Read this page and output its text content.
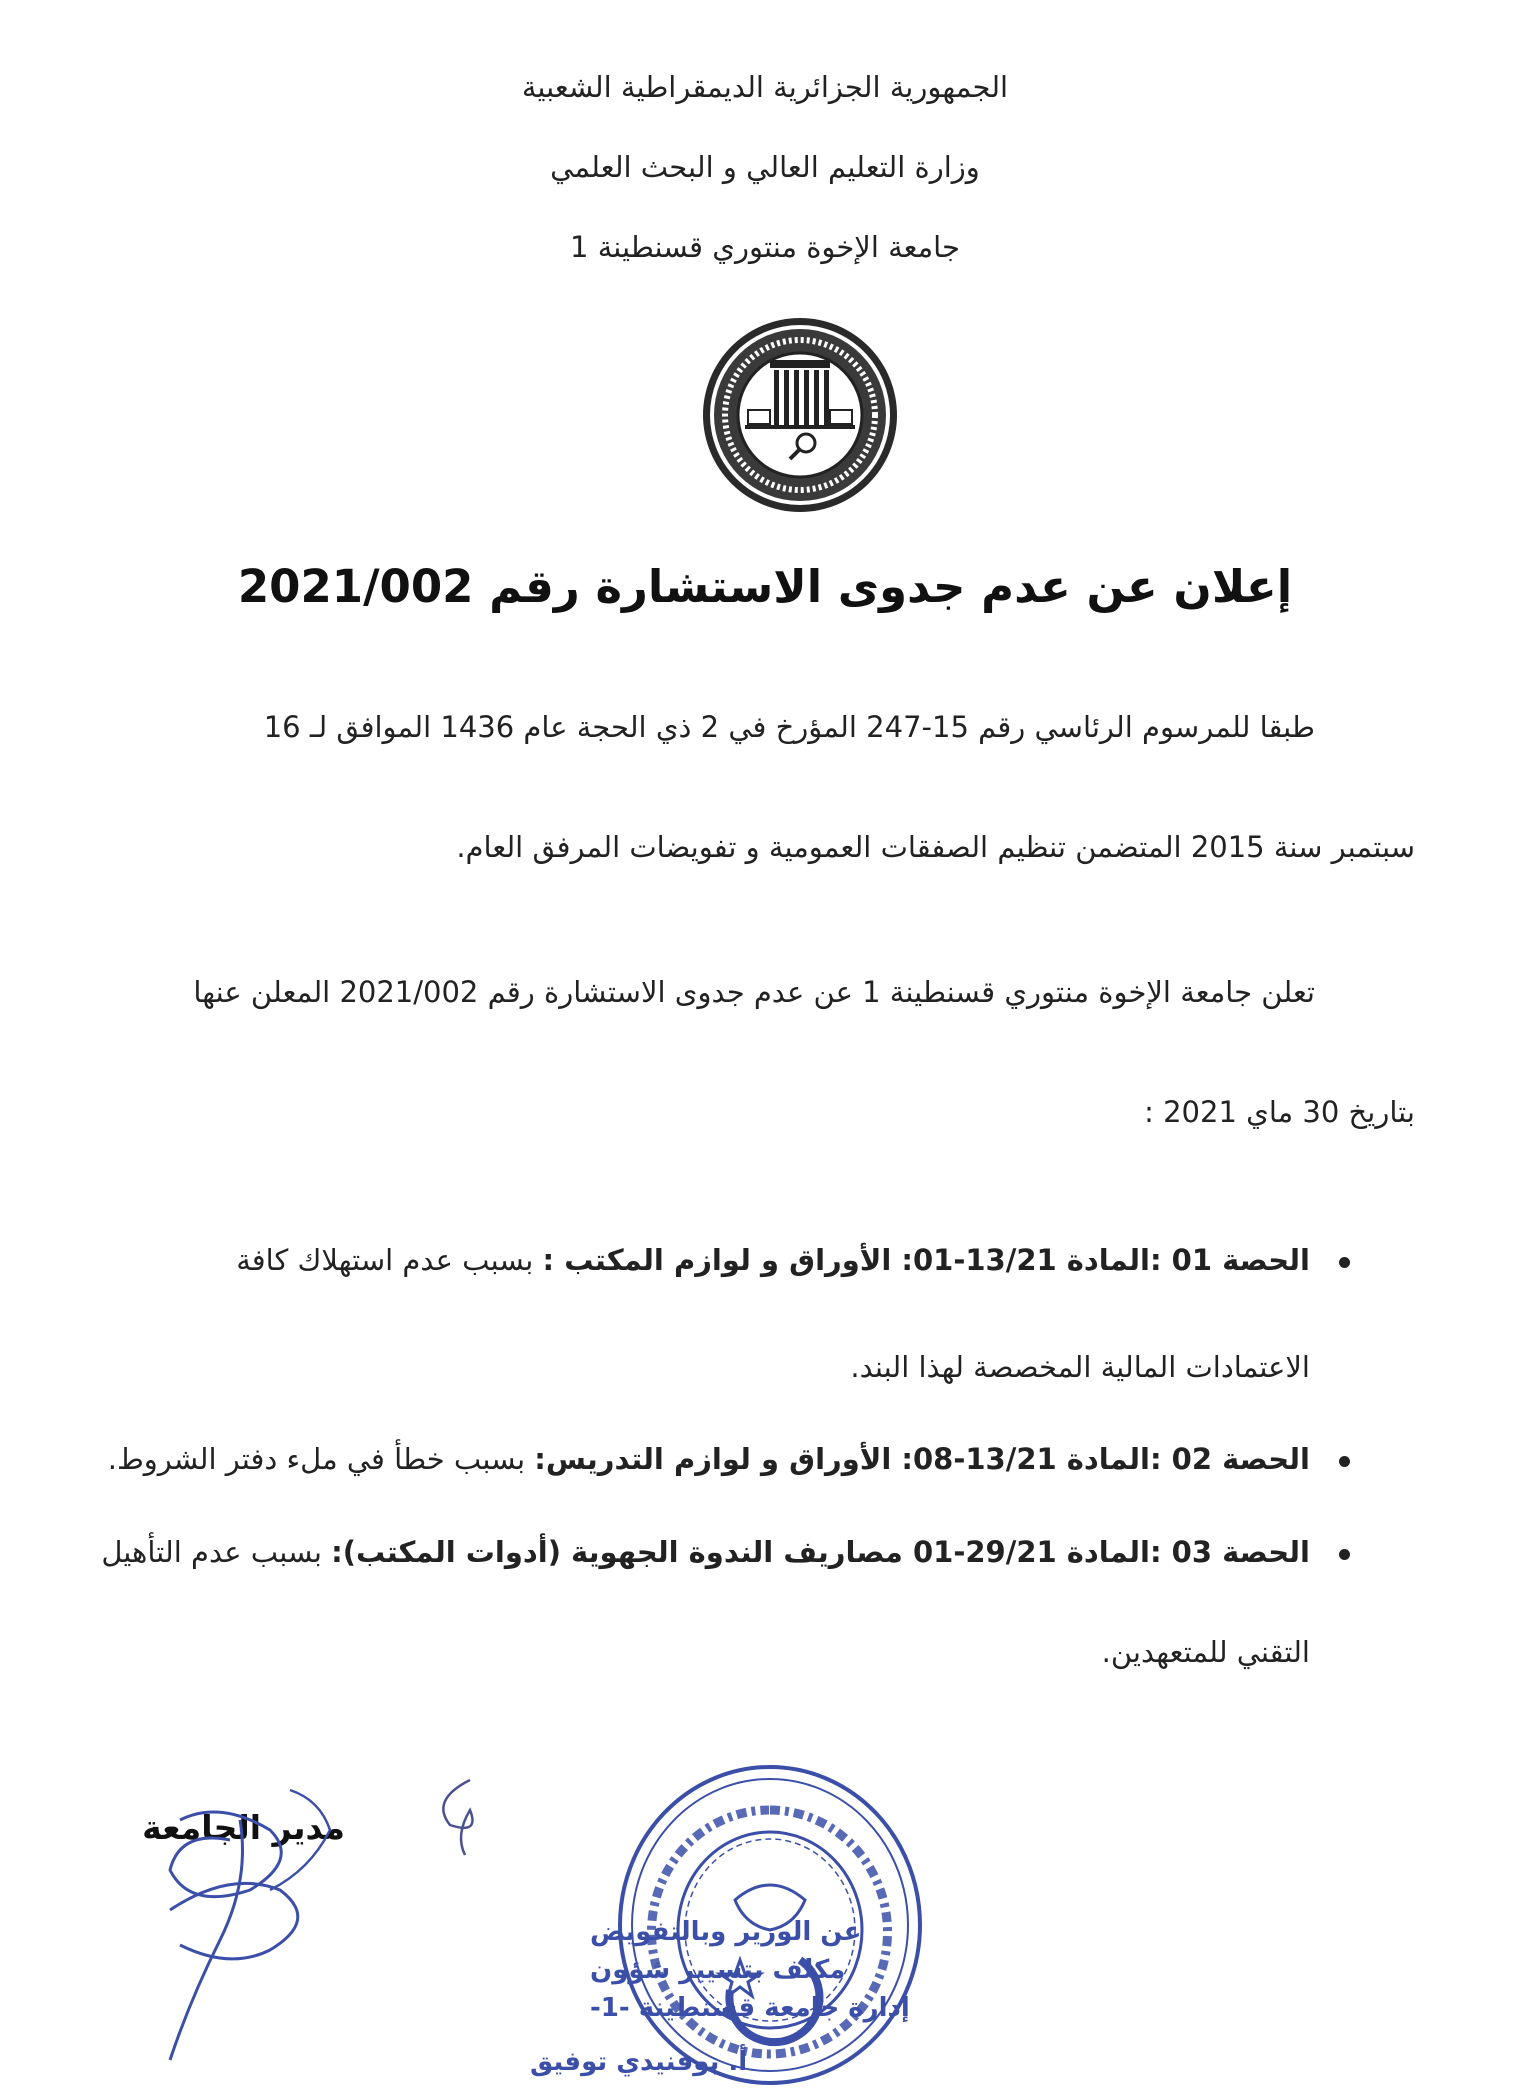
الجمهورية الجزائرية الديمقراطية الشعبية
وزارة التعليم العالي و البحث العلمي
جامعة الإخوة منتوري قسنطينة 1
إعلان عن عدم جدوى الاستشارة رقم 2021/002
طبقا للمرسوم الرئاسي رقم 15-247 المؤرخ في 2 ذي الحجة عام 1436 الموافق لـ 16
سبتمبر سنة 2015 المتضمن تنظيم الصفقات العمومية و تفويضات المرفق العام.
تعلن جامعة الإخوة منتوري قسنطينة 1 عن عدم جدوى الاستشارة رقم 2021/002 المعلن عنها
بتاريخ 30 ماي 2021 :
الحصة 01 :المادة 13/21-01: الأوراق و لوازم المكتب : بسبب عدم استهلاك كافة
الاعتمادات المالية المخصصة لهذا البند.
الحصة 02 :المادة 13/21-08: الأوراق و لوازم التدريس: بسبب خطأ في ملء دفتر الشروط.
الحصة 03 :المادة 29/21-01 مصاريف الندوة الجهوية (أدوات المكتب): بسبب عدم التأهيل
التقني للمتعهدين.
مدير الجامعة
عن الوزير وبالتفويض
مكلف بتسيير شؤون
إدارة جامعة قسنطينة -1-
أ. بوفنيدي توفيق
